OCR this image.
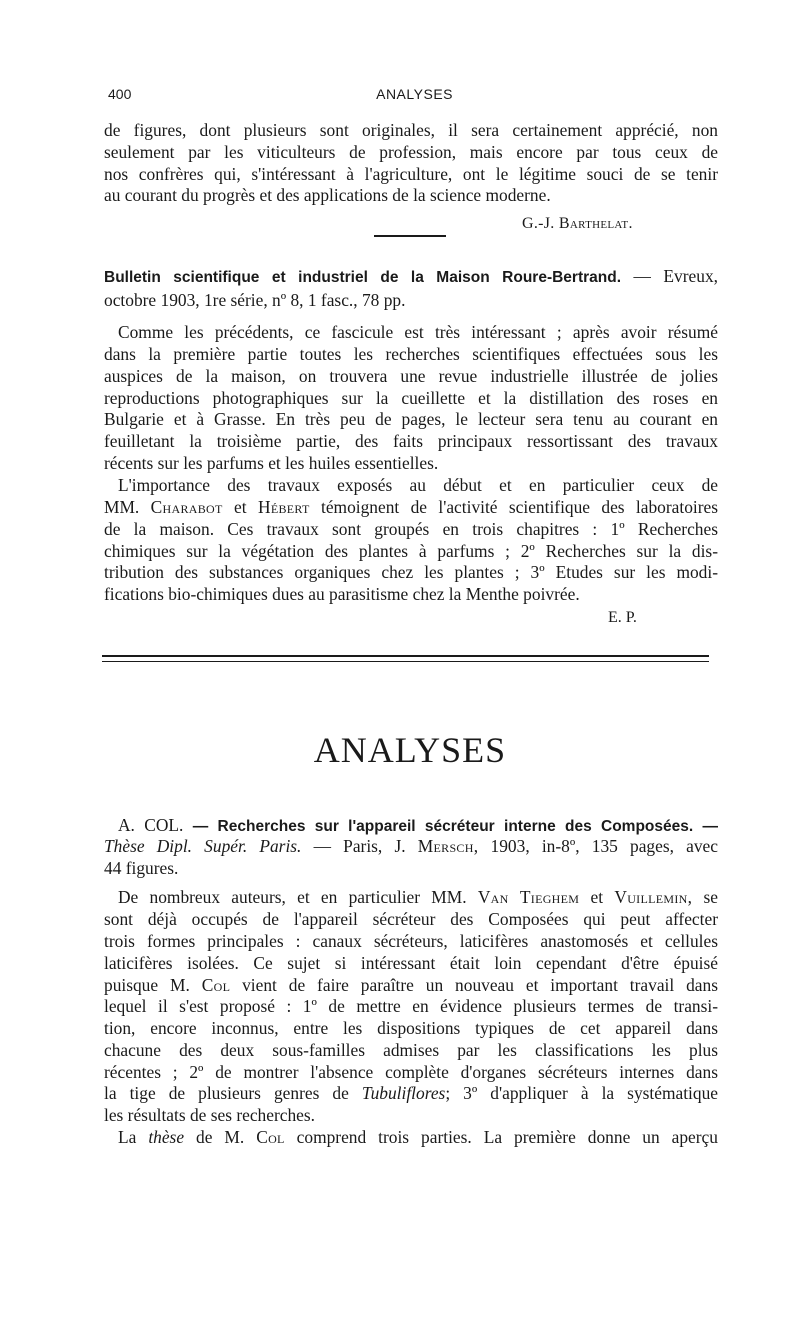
400	ANALYSES
de figures, dont plusieurs sont originales, il sera certainement apprécié, non
seulement par les viticulteurs de profession, mais encore par tous ceux de
nos confrères qui, s'intéressant à l'agriculture, ont le légitime souci de se tenir
au courant du progrès et des applications de la science moderne.
G.-J. Barthelat.
Bulletin scientifique et industriel de la Maison Roure-Bertrand. — Evreux,
octobre 1903, 1re série, nº 8, 1 fasc., 78 pp.
Comme les précédents, ce fascicule est très intéressant ; après avoir résumé
dans la première partie toutes les recherches scientifiques effectuées sous les
auspices de la maison, on trouvera une revue industrielle illustrée de jolies
reproductions photographiques sur la cueillette et la distillation des roses en
Bulgarie et à Grasse. En très peu de pages, le lecteur sera tenu au courant en
feuilletant la troisième partie, des faits principaux ressortissant des travaux
récents sur les parfums et les huiles essentielles.
L'importance des travaux exposés au début et en particulier ceux de
MM. Charabot et Hébert témoignent de l'activité scientifique des laboratoires
de la maison. Ces travaux sont groupés en trois chapitres : 1º Recherches
chimiques sur la végétation des plantes à parfums ; 2º Recherches sur la dis-
tribution des substances organiques chez les plantes ; 3º Etudes sur les modi-
fications bio-chimiques dues au parasitisme chez la Menthe poivrée.
E. P.
ANALYSES
A. COL. — Recherches sur l'appareil sécréteur interne des Composées. —
Thèse Dipl. Supér. Paris. — Paris, J. Mersch, 1903, in-8º, 135 pages, avec
44 figures.
De nombreux auteurs, et en particulier MM. Van Tieghem et Vuillemin, se
sont déjà occupés de l'appareil sécréteur des Composées qui peut affecter
trois formes principales : canaux sécréteurs, laticifères anastomosés et cellules
laticifères isolées. Ce sujet si intéressant était loin cependant d'être épuisé
puisque M. Col vient de faire paraître un nouveau et important travail dans
lequel il s'est proposé : 1º de mettre en évidence plusieurs termes de transi-
tion, encore inconnus, entre les dispositions typiques de cet appareil dans
chacune des deux sous-familles admises par les classifications les plus
récentes ; 2º de montrer l'absence complète d'organes sécréteurs internes dans
la tige de plusieurs genres de Tubuliflores; 3º d'appliquer à la systématique
les résultats de ses recherches.
La thèse de M. Col comprend trois parties. La première donne un aperçu
